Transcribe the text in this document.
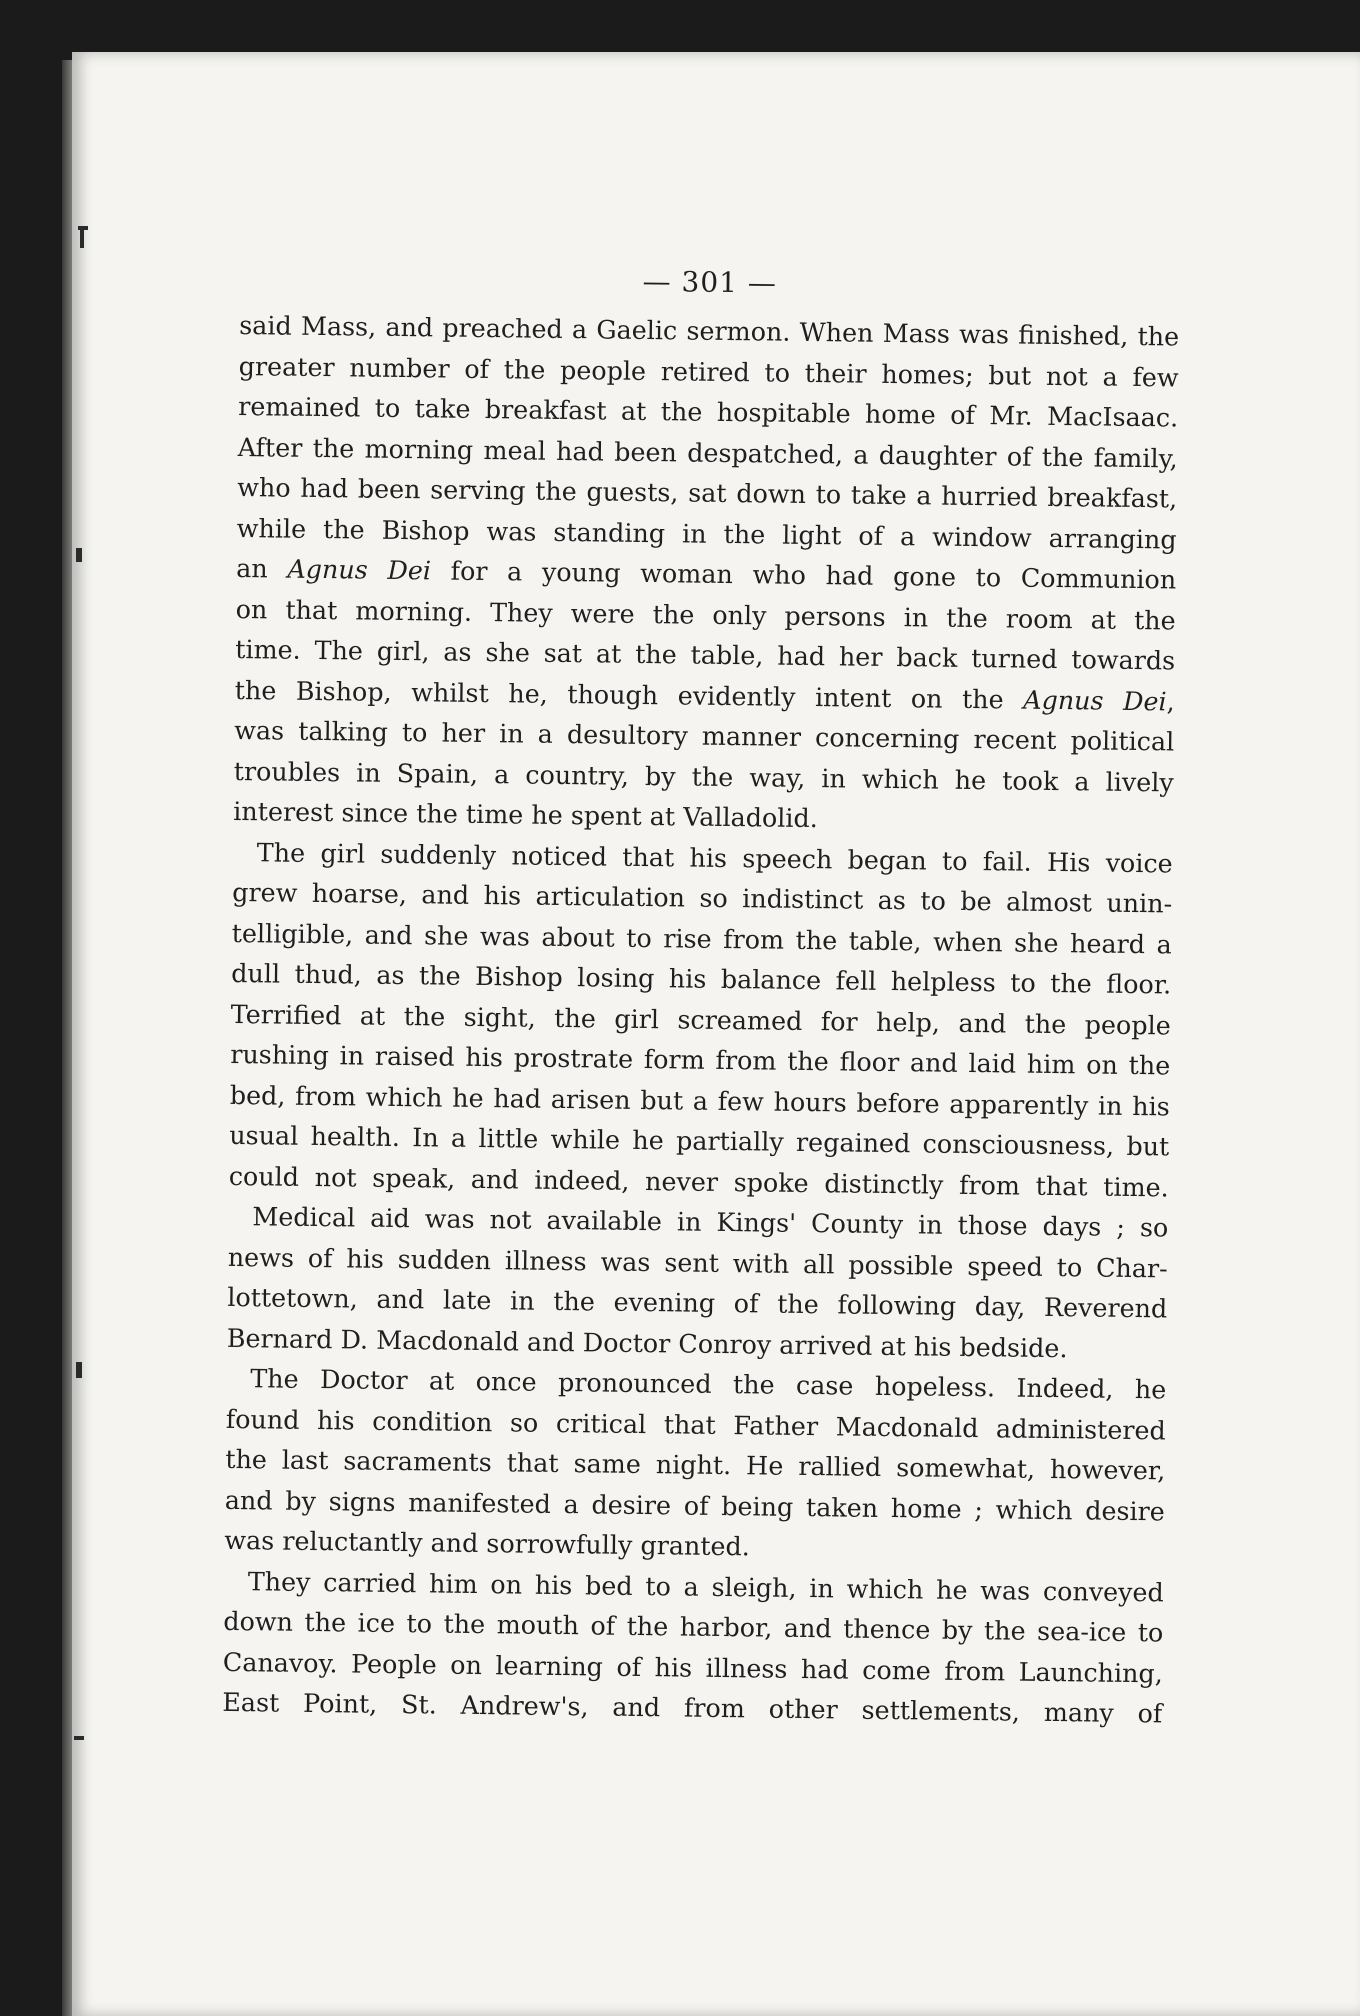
— 301 —
said Mass, and preached a Gaelic sermon. When Mass was finished, the
greater number of the people retired to their homes; but not a few
remained to take breakfast at the hospitable home of Mr. MacIsaac.
After the morning meal had been despatched, a daughter of the family,
who had been serving the guests, sat down to take a hurried breakfast,
while the Bishop was standing in the light of a window arranging
an Agnus Dei for a young woman who had gone to Communion
on that morning. They were the only persons in the room at the
time. The girl, as she sat at the table, had her back turned towards
the Bishop, whilst he, though evidently intent on the Agnus Dei,
was talking to her in a desultory manner concerning recent political
troubles in Spain, a country, by the way, in which he took a lively
interest since the time he spent at Valladolid.
The girl suddenly noticed that his speech began to fail. His voice
grew hoarse, and his articulation so indistinct as to be almost unin-
telligible, and she was about to rise from the table, when she heard a
dull thud, as the Bishop losing his balance fell helpless to the floor.
Terrified at the sight, the girl screamed for help, and the people
rushing in raised his prostrate form from the floor and laid him on the
bed, from which he had arisen but a few hours before apparently in his
usual health. In a little while he partially regained consciousness, but
could not speak, and indeed, never spoke distinctly from that time.
Medical aid was not available in Kings' County in those days ; so
news of his sudden illness was sent with all possible speed to Char-
lottetown, and late in the evening of the following day, Reverend
Bernard D. Macdonald and Doctor Conroy arrived at his bedside.
The Doctor at once pronounced the case hopeless. Indeed, he
found his condition so critical that Father Macdonald administered
the last sacraments that same night. He rallied somewhat, however,
and by signs manifested a desire of being taken home ; which desire
was reluctantly and sorrowfully granted.
They carried him on his bed to a sleigh, in which he was conveyed
down the ice to the mouth of the harbor, and thence by the sea-ice to
Canavoy. People on learning of his illness had come from Launching,
East Point, St. Andrew's, and from other settlements, many of
